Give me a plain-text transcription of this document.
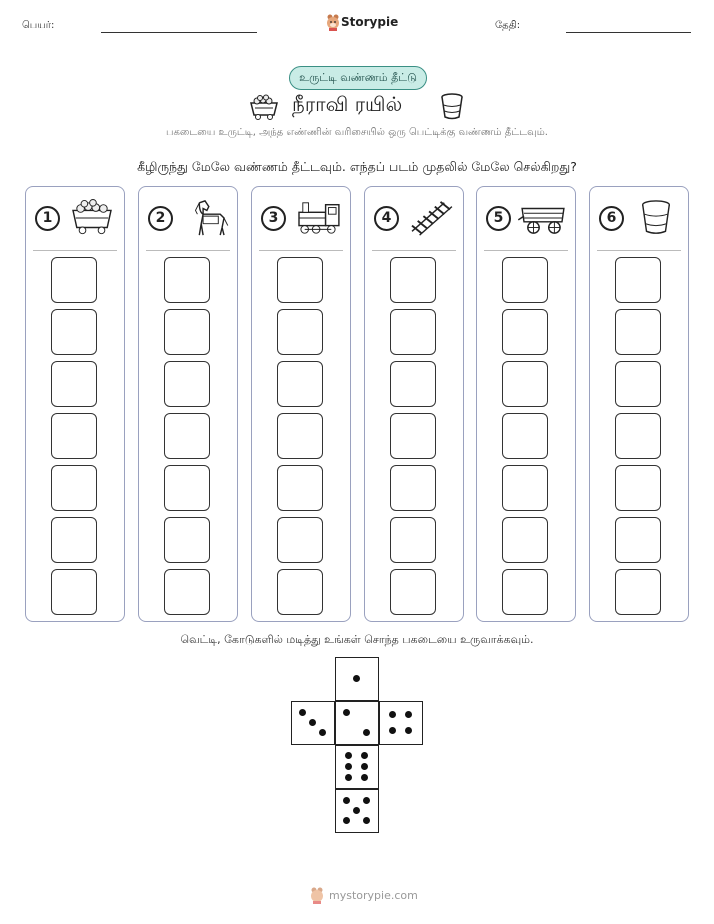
பெயர்:	Storypie	தேதி:
உருட்டி வண்ணம் தீட்டு
நீராவி ரயில்
பகடையை உருட்டி, அந்த எண்ணின் வரிசையில் ஒரு பெட்டிக்கு வண்ணம் தீட்டவும்.
கீழிருந்து மேலே வண்ணம் தீட்டவும். எந்தப் படம் முதலில் மேலே செல்கிறது?
1	2	3	4	5	6
வெட்டி, கோடுகளில் மடித்து உங்கள் சொந்த பகடையை உருவாக்கவும்.
mystorypie.com
